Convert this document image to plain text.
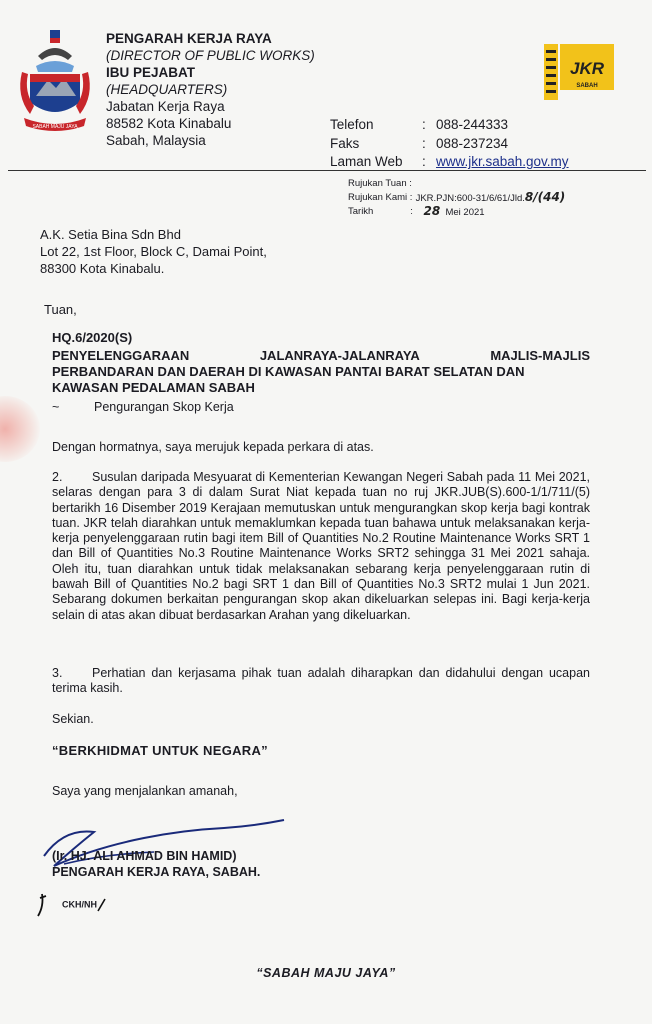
SABAH MAJU JAYA
PENGARAH KERJA RAYA
(DIRECTOR OF PUBLIC WORKS)
IBU PEJABAT
(HEADQUARTERS)
Jabatan Kerja Raya
88582 Kota Kinabalu
Sabah, Malaysia
JKR
SABAH
Telefon	:	088-244333
Faks	:	088-237234
Laman Web	:	www.jkr.sabah.gov.my
Rujukan Tuan :	
Rujukan Kami :	JKR.PJN:600-31/6/61/Jld.8/(44)
Tarikh :	28 Mei 2021
A.K. Setia Bina Sdn Bhd
Lot 22, 1st Floor, Block C, Damai Point,
88300 Kota Kinabalu.
Tuan,
HQ.6/2020(S)
PENYELENGGARAAN	JALANRAYA-JALANRAYA	MAJLIS-MAJLIS
PERBANDARAN DAN DAERAH DI KAWASAN PANTAI BARAT SELATAN DAN
KAWASAN PEDALAMAN SABAH
~	Pengurangan Skop Kerja
Dengan hormatnya, saya merujuk kepada perkara di atas.
2. Susulan daripada Mesyuarat di Kementerian Kewangan Negeri Sabah pada 11 Mei 2021, selaras dengan para 3 di dalam Surat Niat kepada tuan no ruj JKR.JUB(S).600-1/1/711/(5) bertarikh 16 Disember 2019 Kerajaan memutuskan untuk mengurangkan skop kerja bagi kontrak tuan. JKR telah diarahkan untuk memaklumkan kepada tuan bahawa untuk melaksanakan kerja-kerja penyelenggaraan rutin bagi item Bill of Quantities No.2 Routine Maintenance Works SRT 1 dan Bill of Quantities No.3 Routine Maintenance Works SRT2 sehingga 31 Mei 2021 sahaja. Oleh itu, tuan diarahkan untuk tidak melaksanakan sebarang kerja penyelenggaraan rutin di bawah Bill of Quantities No.2 bagi SRT 1 dan Bill of Quantities No.3 SRT2 mulai 1 Jun 2021. Sebarang dokumen berkaitan pengurangan skop akan dikeluarkan selepas ini. Bagi kerja-kerja selain di atas akan dibuat berdasarkan Arahan yang dikeluarkan.
3. Perhatian dan kerjasama pihak tuan adalah diharapkan dan didahului dengan ucapan terima kasih.
Sekian.
“BERKHIDMAT UNTUK NEGARA”
Saya yang menjalankan amanah,
(Ir. HJ. ALI AHMAD BIN HAMID)
PENGARAH KERJA RAYA, SABAH.
CKH/NH
“SABAH MAJU JAYA”
